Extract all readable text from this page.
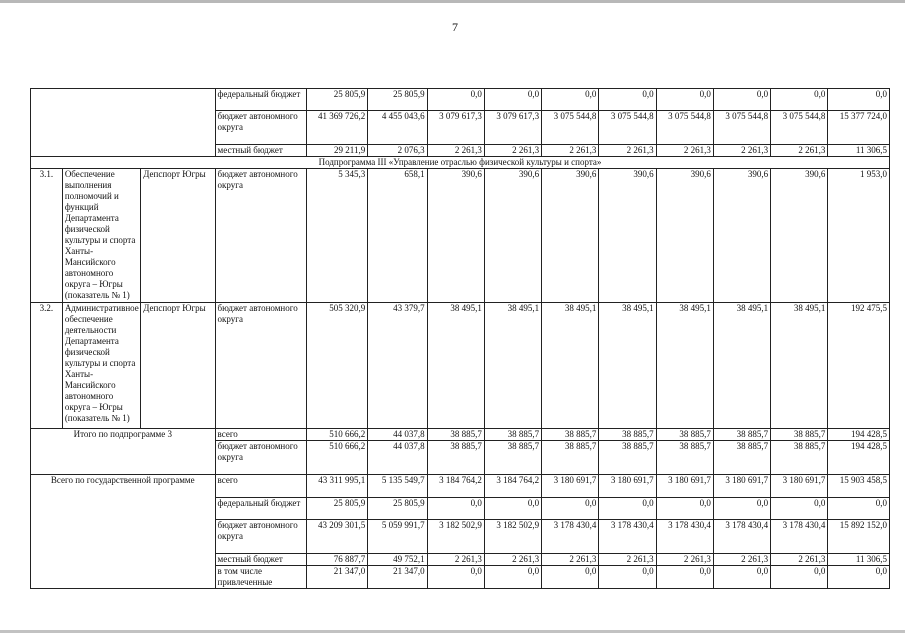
7
			федеральный бюджет	25 805,9	25 805,9	0,0	0,0	0,0	0,0	0,0	0,0	0,0	0,0
			бюджет автономного округа	41 369 726,2	4 455 043,6	3 079 617,3	3 079 617,3	3 075 544,8	3 075 544,8	3 075 544,8	3 075 544,8	3 075 544,8	15 377 724,0
			местный бюджет	29 211,9	2 076,3	2 261,3	2 261,3	2 261,3	2 261,3	2 261,3	2 261,3	2 261,3	11 306,5
Подпрограмма III «Управление отраслью физической культуры и спорта»													
3.1.	Обеспечение выполнения полномочий и функций Департамента физической культуры и спорта Ханты-Мансийского автономного округа – Югры (показатель № 1)	Депспорт Югры	бюджет автономного округа	5 345,3	658,1	390,6	390,6	390,6	390,6	390,6	390,6	390,6	1 953,0
3.2.	Административное обеспечение деятельности Департамента физической культуры и спорта Ханты-Мансийского автономного округа – Югры (показатель № 1)	Депспорт Югры	бюджет автономного округа	505 320,9	43 379,7	38 495,1	38 495,1	38 495,1	38 495,1	38 495,1	38 495,1	38 495,1	192 475,5
Итого по подпрограмме 3			всего	510 666,2	44 037,8	38 885,7	38 885,7	38 885,7	38 885,7	38 885,7	38 885,7	38 885,7	194 428,5
			бюджет автономного округа	510 666,2	44 037,8	38 885,7	38 885,7	38 885,7	38 885,7	38 885,7	38 885,7	38 885,7	194 428,5
Всего по государственной программе			всего	43 311 995,1	5 135 549,7	3 184 764,2	3 184 764,2	3 180 691,7	3 180 691,7	3 180 691,7	3 180 691,7	3 180 691,7	15 903 458,5
			федеральный бюджет	25 805,9	25 805,9	0,0	0,0	0,0	0,0	0,0	0,0	0,0	0,0
			бюджет автономного округа	43 209 301,5	5 059 991,7	3 182 502,9	3 182 502,9	3 178 430,4	3 178 430,4	3 178 430,4	3 178 430,4	3 178 430,4	15 892 152,0
			местный бюджет	76 887,7	49 752,1	2 261,3	2 261,3	2 261,3	2 261,3	2 261,3	2 261,3	2 261,3	11 306,5
			в том числе привлеченные	21 347,0	21 347,0	0,0	0,0	0,0	0,0	0,0	0,0	0,0	0,0
